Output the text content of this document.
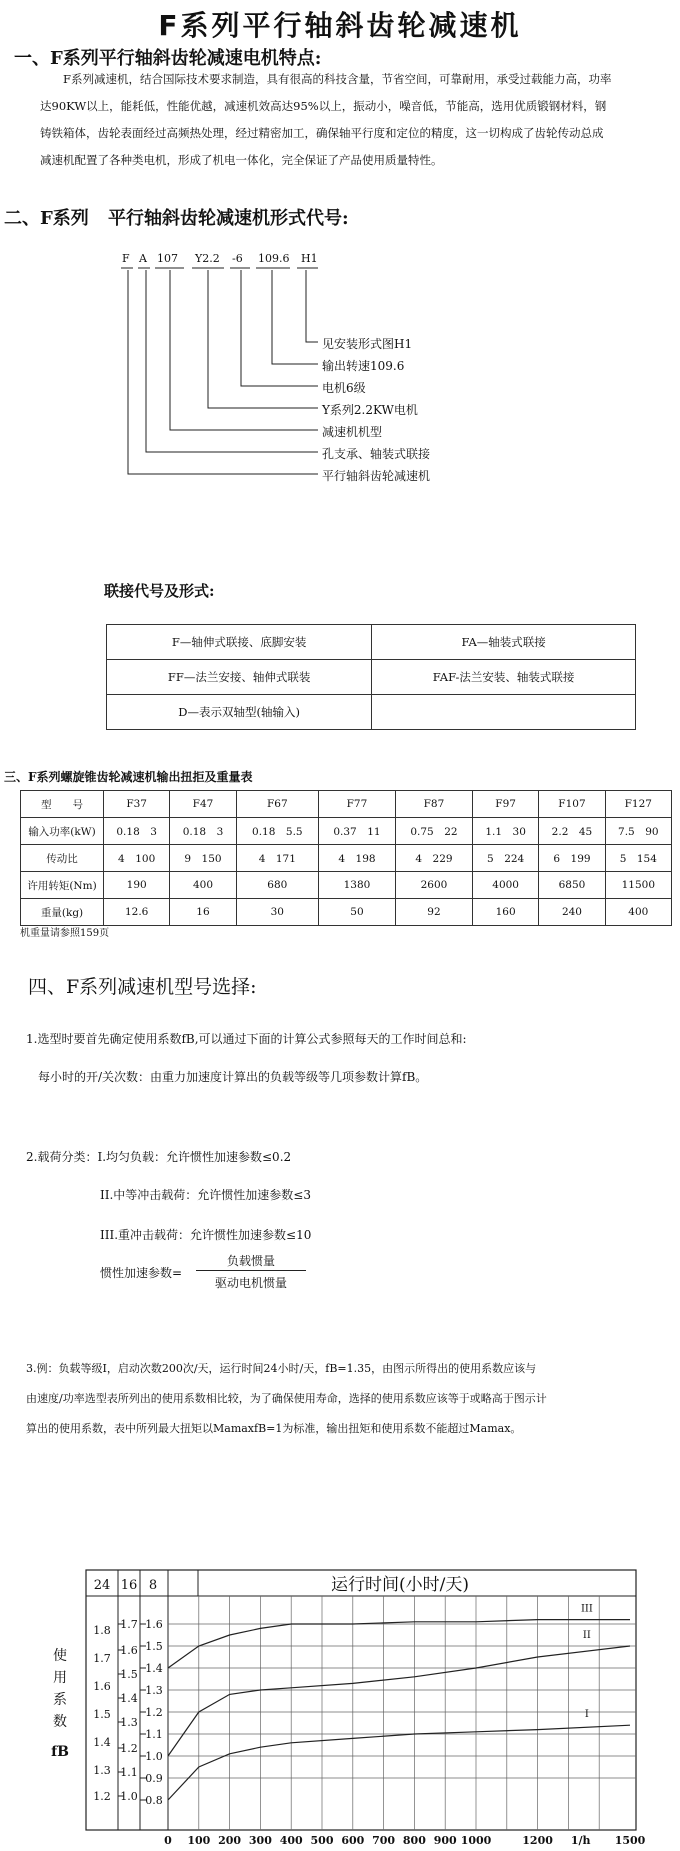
F系列平行轴斜齿轮减速机
一、F系列平行轴斜齿轮减速电机特点:

F系列减速机，结合国际技术要求制造，具有很高的科技含量，节省空间，可靠耐用，承受过载能力高，功率

达90KW以上，能耗低，性能优越，减速机效高达95%以上，振动小，噪音低，节能高，选用优质锻钢材料，钢

铸铁箱体，齿轮表面经过高频热处理，经过精密加工，确保轴平行度和定位的精度，这一切构成了齿轮传动总成

减速机配置了各种类电机，形成了机电一体化，完全保证了产品使用质量特性。

二、F系列 平行轴斜齿轮减速机形式代号:
F A 107 Y2.2 -6 109.6 H1
见安装形式图H1
输出转速109.6
电机6级
Y系列2.2KW电机
减速机机型
孔支承、轴装式联接
平行轴斜齿轮减速机
联接代号及形式:
F—轴伸式联接、底脚安装	FA—轴装式联接
FF—法兰安接、轴伸式联装	FAF-法兰安装、轴装式联接
D—表示双轴型(轴输入)	
三、F系列螺旋锥齿轮减速机输出扭拒及重量表
型　　号	F37	F47	F67	F77	F87	F97	F107	F127
输入功率(kW)	0.18　3	0.18　3	0.18　5.5	0.37　11	0.75　22	1.1　30	2.2　45	7.5　90
传动比	4　100	9　150	4　171	4　198	4　229	5　224	6　199	5　154
许用转矩(Nm)	190	400	680	1380	2600	4000	6850	11500
重量(kg)	12.6	16	30	50	92	160	240	400
机重量请参照159页
四、F系列减速机型号选择:
1.选型时要首先确定使用系数fB,可以通过下面的计算公式参照每天的工作时间总和:
每小时的开/关次数：由重力加速度计算出的负载等级等几项参数计算fB。
2.载荷分类：I.均匀负载：允许惯性加速参数≤0.2
II.中等冲击载荷：允许惯性加速参数≤3
III.重冲击载荷：允许惯性加速参数≤10
惯性加速参数=
负载惯量
驱动电机惯量
3.例：负载等级I，启动次数200次/天，运行时间24小时/天，fB=1.35，由图示所得出的使用系数应该与
由速度/功率选型表所列出的使用系数相比较，为了确保使用寿命，选择的使用系数应该等于或略高于图示计
算出的使用系数，表中所列最大扭矩以MamaxfB=1为标准，输出扭矩和使用系数不能超过Mamax。
24 16 8	运行时间(小时/天)
1.8
1.7
1.6
1.5
1.4
1.3
1.2
1.7
1.6
1.5
1.4
1.3
1.2
1.1
1.0
1.6
1.5
1.4
1.3
1.2
1.1
1.0
0.9
0.8
使
用
系
数
fB
III
II
I
0 100 200 300 400 500 600 700 800 900 1000	1200 1/h 1500
